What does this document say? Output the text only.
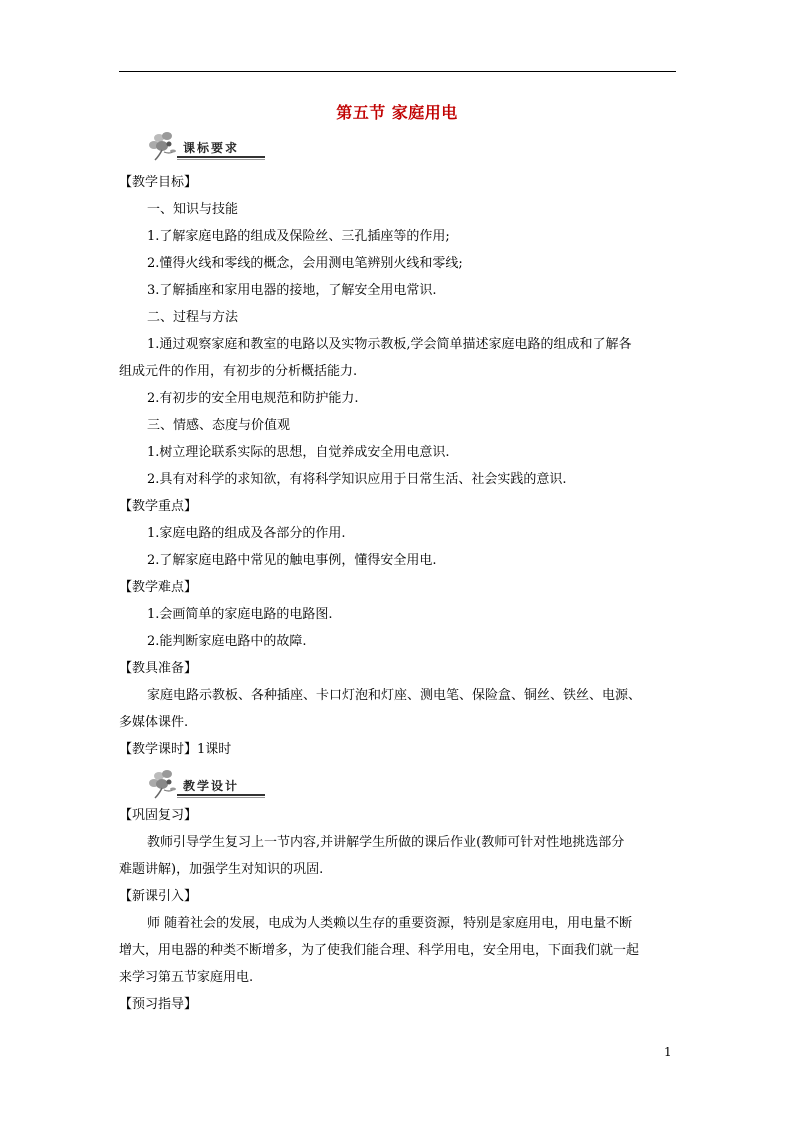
第五节 家庭用电
课标要求
教学设计
【教学目标】
一、知识与技能
1.了解家庭电路的组成及保险丝、三孔插座等的作用;
2.懂得火线和零线的概念，会用测电笔辨别火线和零线;
3.了解插座和家用电器的接地，了解安全用电常识.
二、过程与方法
1.通过观察家庭和教室的电路以及实物示教板,学会简单描述家庭电路的组成和了解各
组成元件的作用，有初步的分析概括能力.
2.有初步的安全用电规范和防护能力.
三、情感、态度与价值观
1.树立理论联系实际的思想，自觉养成安全用电意识.
2.具有对科学的求知欲，有将科学知识应用于日常生活、社会实践的意识.
【教学重点】
1.家庭电路的组成及各部分的作用.
2.了解家庭电路中常见的触电事例，懂得安全用电.
【教学难点】
1.会画简单的家庭电路的电路图.
2.能判断家庭电路中的故障.
【教具准备】
家庭电路示教板、各种插座、卡口灯泡和灯座、测电笔、保险盒、铜丝、铁丝、电源、
多媒体课件.
【教学课时】1课时
【巩固复习】
教师引导学生复习上一节内容,并讲解学生所做的课后作业(教师可针对性地挑选部分
难题讲解)，加强学生对知识的巩固.
【新课引入】
师 随着社会的发展，电成为人类赖以生存的重要资源，特别是家庭用电，用电量不断
增大，用电器的种类不断增多，为了使我们能合理、科学用电，安全用电，下面我们就一起
来学习第五节家庭用电.
【预习指导】
1
